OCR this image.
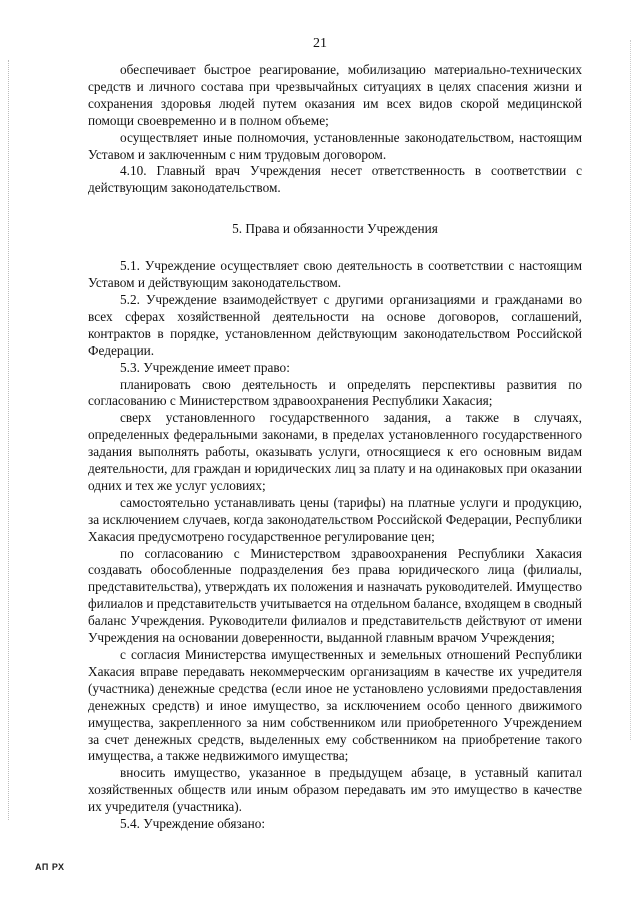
21

обеспечивает быстрое реагирование, мобилизацию материально-технических средств и личного состава при чрезвычайных ситуациях в целях спасения жизни и сохранения здоровья людей путем оказания им всех видов скорой медицинской помощи своевременно и в полном объеме;

осуществляет иные полномочия, установленные законодательством, настоящим Уставом и заключенным с ним трудовым договором.

4.10. Главный врач Учреждения несет ответственность в соответствии с действующим законодательством.

5. Права и обязанности Учреждения

5.1. Учреждение осуществляет свою деятельность в соответствии с настоящим Уставом и действующим законодательством.

5.2. Учреждение взаимодействует с другими организациями и гражданами во всех сферах хозяйственной деятельности на основе договоров, соглашений, контрактов в порядке, установленном действующим законодательством Российской Федерации.

5.3. Учреждение имеет право:

планировать свою деятельность и определять перспективы развития по согласованию с Министерством здравоохранения Республики Хакасия;

сверх установленного государственного задания, а также в случаях, определенных федеральными законами, в пределах установленного государственного задания выполнять работы, оказывать услуги, относящиеся к его основным видам деятельности, для граждан и юридических лиц за плату и на одинаковых при оказании одних и тех же услуг условиях;

самостоятельно устанавливать цены (тарифы) на платные услуги и продукцию, за исключением случаев, когда законодательством Российской Федерации, Республики Хакасия предусмотрено государственное регулирование цен;

по согласованию с Министерством здравоохранения Республики Хакасия создавать обособленные подразделения без права юридического лица (филиалы, представительства), утверждать их положения и назначать руководителей. Имущество филиалов и представительств учитывается на отдельном балансе, входящем в сводный баланс Учреждения. Руководители филиалов и представительств действуют от имени Учреждения на основании доверенности, выданной главным врачом Учреждения;

с согласия Министерства имущественных и земельных отношений Республики Хакасия вправе передавать некоммерческим организациям в качестве их учредителя (участника) денежные средства (если иное не установлено условиями предоставления денежных средств) и иное имущество, за исключением особо ценного движимого имущества, закрепленного за ним собственником или приобретенного Учреждением за счет денежных средств, выделенных ему собственником на приобретение такого имущества, а также недвижимого имущества;

вносить имущество, указанное в предыдущем абзаце, в уставный капитал хозяйственных обществ или иным образом передавать им это имущество в качестве их учредителя (участника).

5.4. Учреждение обязано:

АП РХ
